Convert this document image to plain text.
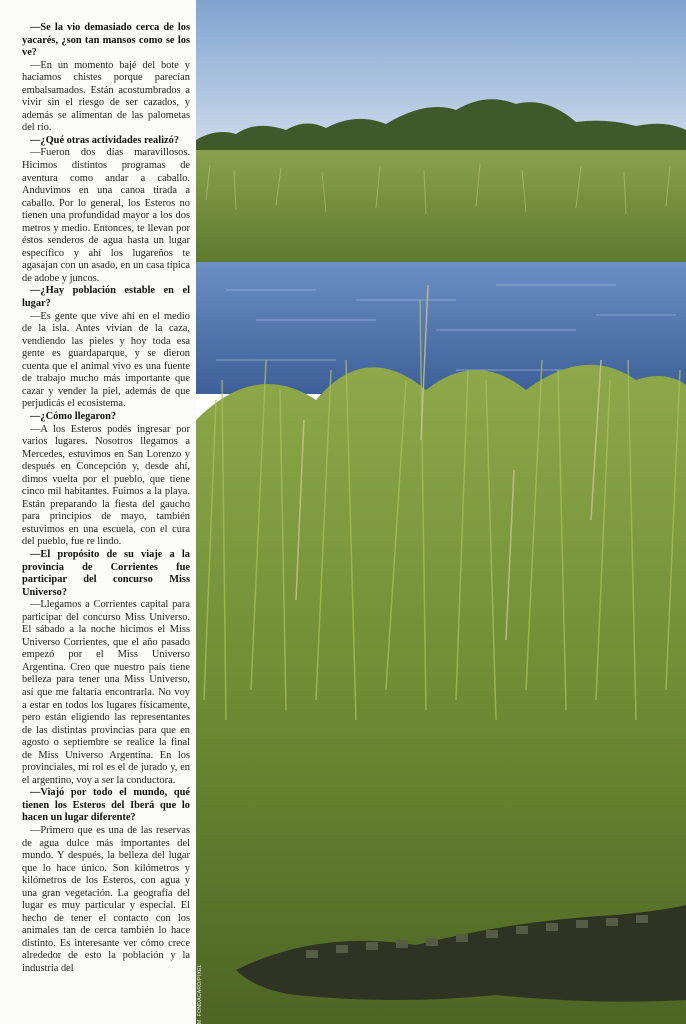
—Se la vio demasiado cerca de los yacarés, ¿son tan mansos como se los ve?

—En un momento bajé del bote y hacíamos chistes porque parecían embalsamados. Están acostumbrados a vivir sin el riesgo de ser cazados, y además se alimentan de las palometas del río.

—¿Qué otras actividades realizó?

—Fueron dos días maravillosos. Hicimos distintos programas de aventura como andar a caballo. Anduvimos en una canoa tirada a caballo. Por lo general, los Esteros no tienen una profundidad mayor a los dos metros y medio. Entonces, te llevan por éstos senderos de agua hasta un lugar específico y ahí los lugareños te agasajan con un asado, en un casa típica de adobe y juncos.

—¿Hay población estable en el lugar?

—Es gente que vive ahí en el medio de la isla. Antes vivían de la caza, vendiendo las pieles y hoy toda esa gente es guardaparque, y se dieron cuenta que el animal vivo es una fuente de trabajo mucho más importante que cazar y vender la piel, además de que perjudicás el ecosistema.

—¿Cómo llegaron?

—A los Esteros podés ingresar por varios lugares. Nosotros llegamos a Mercedes, estuvimos en San Lorenzo y después en Concepción y, desde ahí, dimos vuelta por el pueblo, que tiene cinco mil habitantes. Fuimos a la playa. Están preparando la fiesta del gaucho para principios de mayo, también estuvimos en una escuela, con el cura del pueblo, fue re lindo.

—El propósito de su viaje a la provincia de Corrientes fue participar del concurso Miss Universo?

—Llegamos a Corrientes capital para participar del concurso Miss Universo. El sábado a la noche hicimos el Miss Universo Corrientes, que el año pasado empezó por el Miss Universo Argentina. Creo que nuestro país tiene belleza para tener una Miss Universo, así que me faltaría encontrarla. No voy a estar en todos los lugares físicamente, pero están eligiendo las representantes de las distintas provincias para que en agosto o septiembre se realice la final de Miss Universo Argentina. En los provinciales, mi rol es el de jurado y, en el argentino, voy a ser la conductora.

—Viajó por todo el mundo, qué tienen los Esteros del Iberá que lo hacen un lugar diferente?

—Primero que es una de las reservas de agua dulce más importantes del mundo. Y después, la belleza del lugar que lo hace único. Son kilómetros y kilómetros de los Esteros, con agua y una gran vegetación. La geografía del lugar es muy particular y especial. El hecho de tener el contacto con los animales tan de cerca también lo hace distinto. Es interesante ver cómo crece alrededor de esto la población y la industria del	M. FONDACARO/PIXEL
